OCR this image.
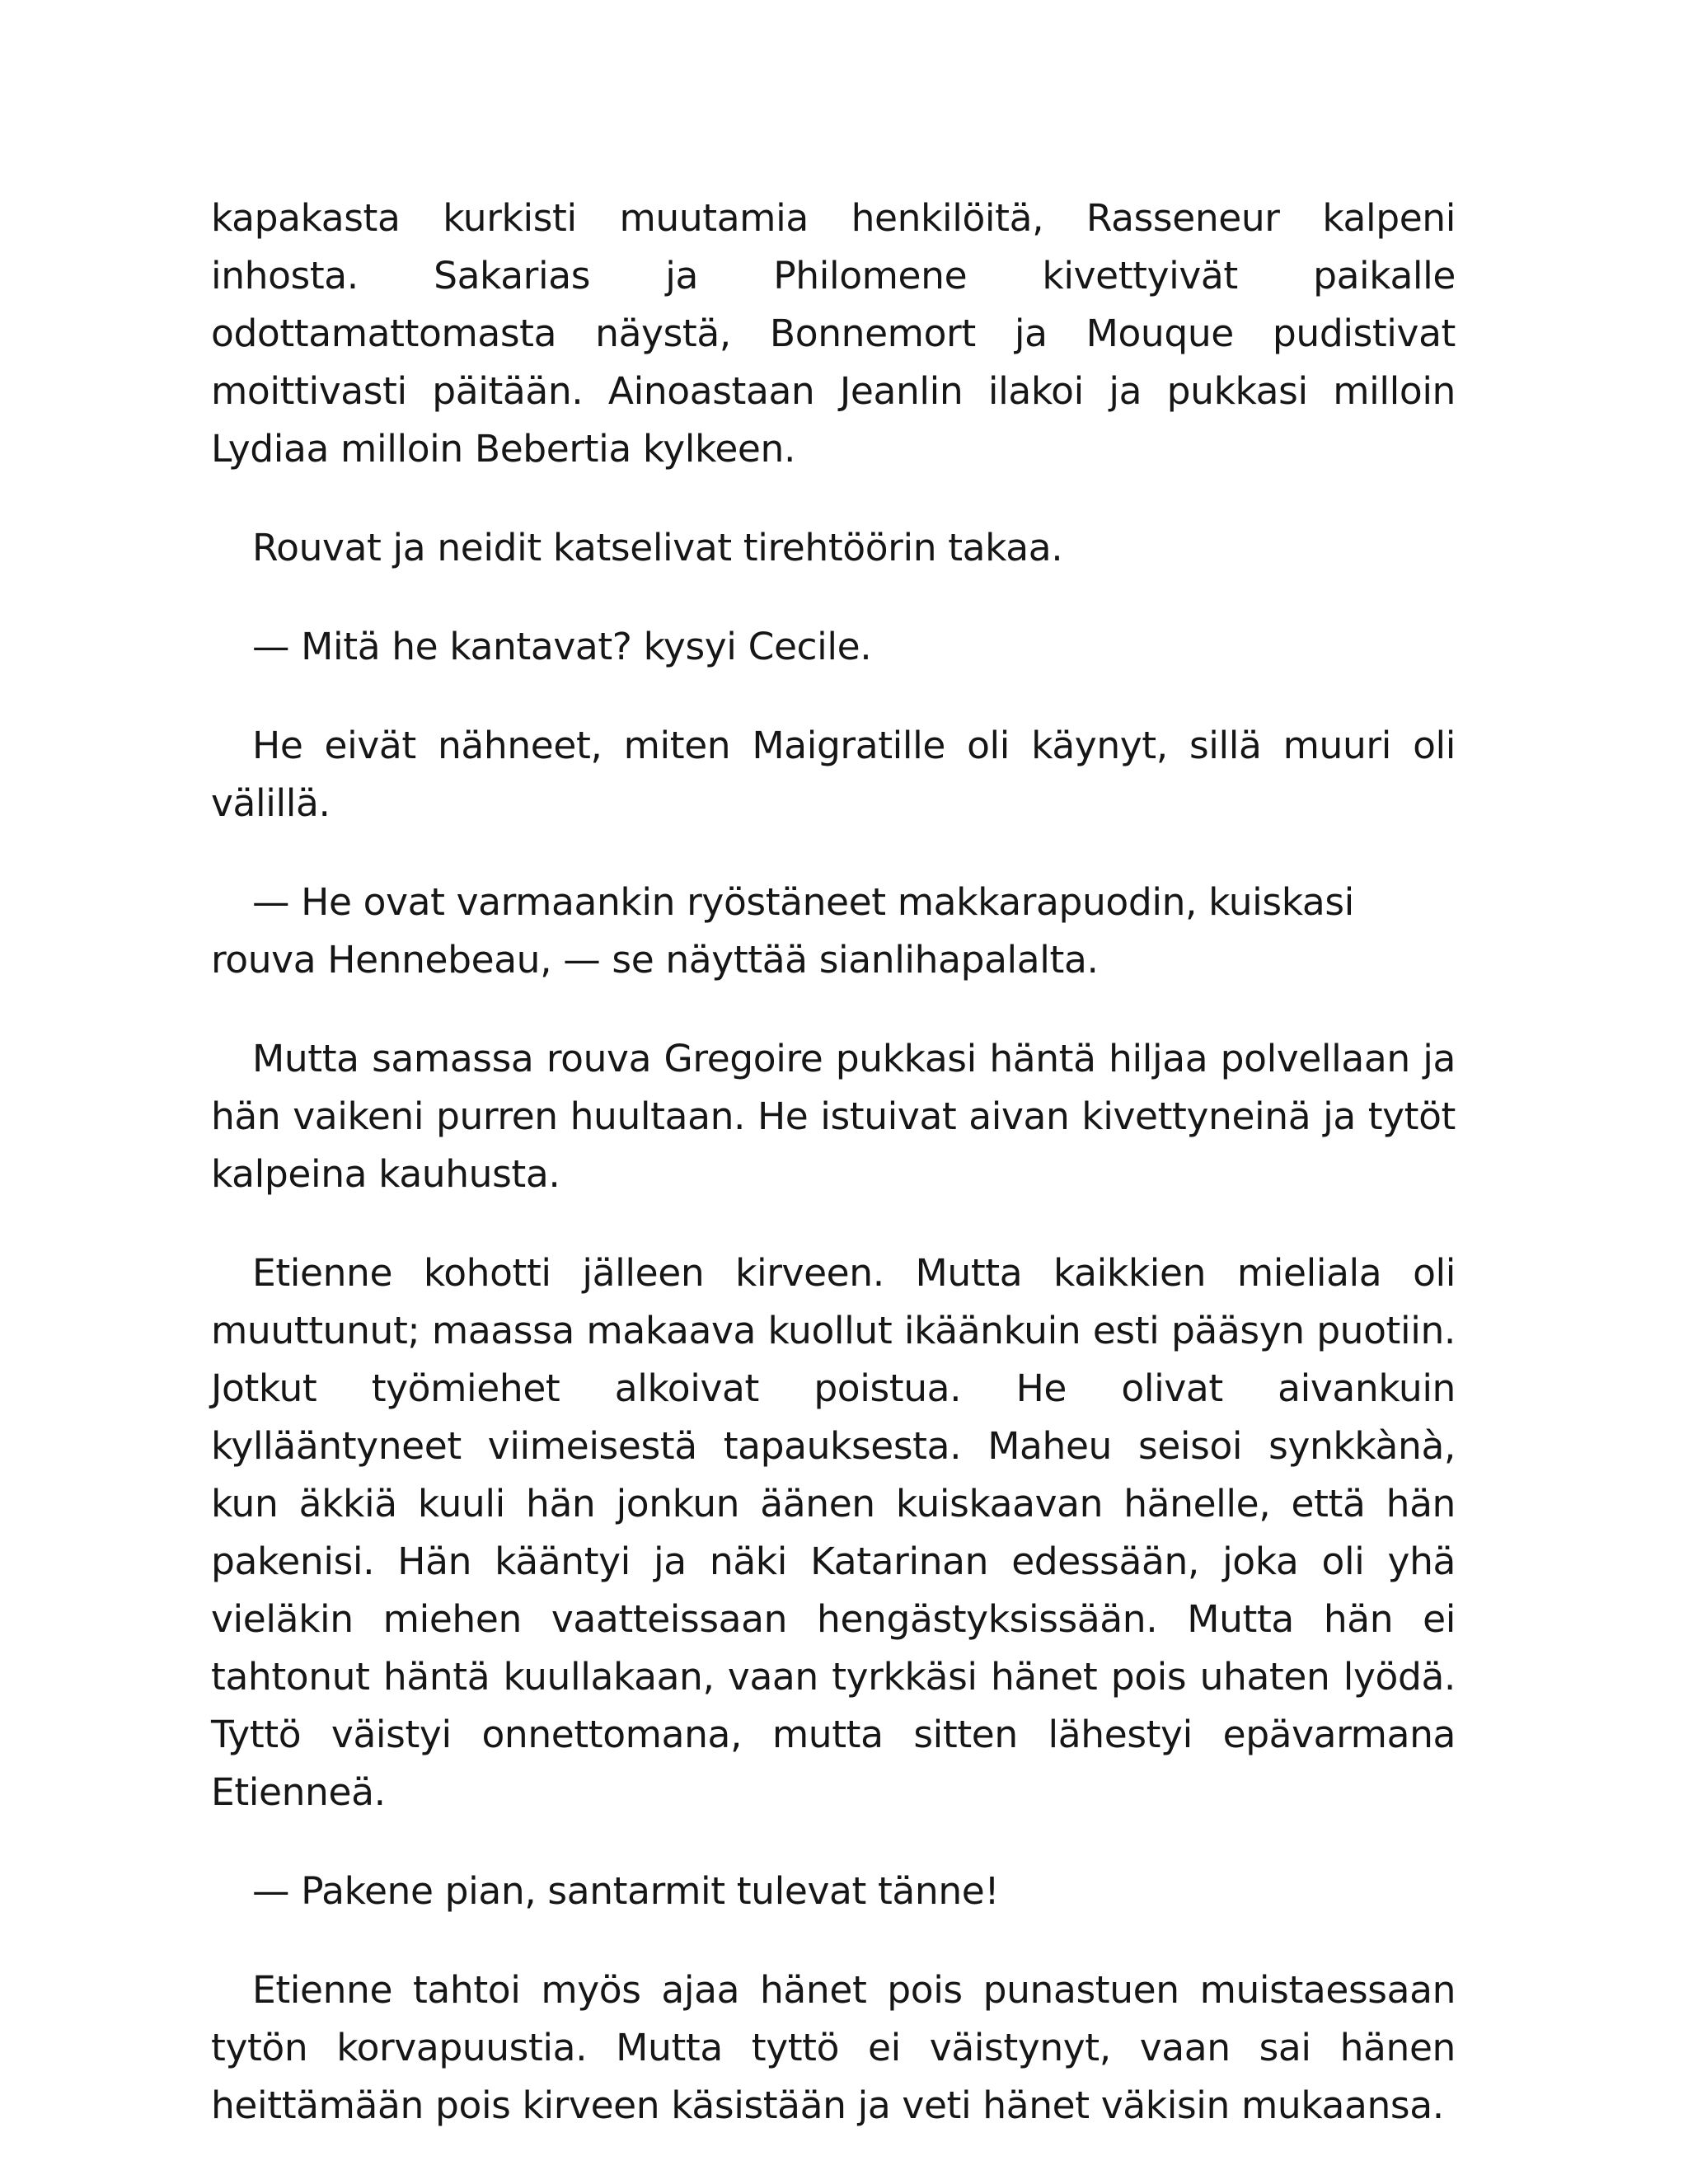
kapakasta kurkisti muutamia henkilöitä, Rasseneur kalpeni inhosta. Sakarias ja Philomene kivettyivät paikalle odottamattomasta näystä, Bonnemort ja Mouque pudistivat moittivasti päitään. Ainoastaan Jeanlin ilakoi ja pukkasi milloin Lydiaa milloin Bebertia kylkeen.

Rouvat ja neidit katselivat tirehtöörin takaa.

— Mitä he kantavat? kysyi Cecile.

He eivät nähneet, miten Maigratille oli käynyt, sillä muuri oli välillä.

— He ovat varmaankin ryöstäneet makkarapuodin, kuiskasi rouva Hennebeau, — se näyttää sianlihapalalta.

Mutta samassa rouva Gregoire pukkasi häntä hiljaa polvellaan ja hän vaikeni purren huultaan. He istuivat aivan kivettyneinä ja tytöt kalpeina kauhusta.

Etienne kohotti jälleen kirveen. Mutta kaikkien mieliala oli muuttunut; maassa makaava kuollut ikäänkuin esti pääsyn puotiin. Jotkut työmiehet alkoivat poistua. He olivat aivankuin kyllääntyneet viimeisestä tapauksesta. Maheu seisoi synkkànà, kun äkkiä kuuli hän jonkun äänen kuiskaavan hänelle, että hän pakenisi. Hän kääntyi ja näki Katarinan edessään, joka oli yhä vieläkin miehen vaatteissaan hengästyksissään. Mutta hän ei tahtonut häntä kuullakaan, vaan tyrkkäsi hänet pois uhaten lyödä. Tyttö väistyi onnettomana, mutta sitten lähestyi epävarmana Etienneä.

— Pakene pian, santarmit tulevat tänne!

Etienne tahtoi myös ajaa hänet pois punastuen muistaessaan tytön korvapuustia. Mutta tyttö ei väistynyt, vaan sai hänen heittämään pois kirveen käsistään ja veti hänet väkisin mukaansa.
